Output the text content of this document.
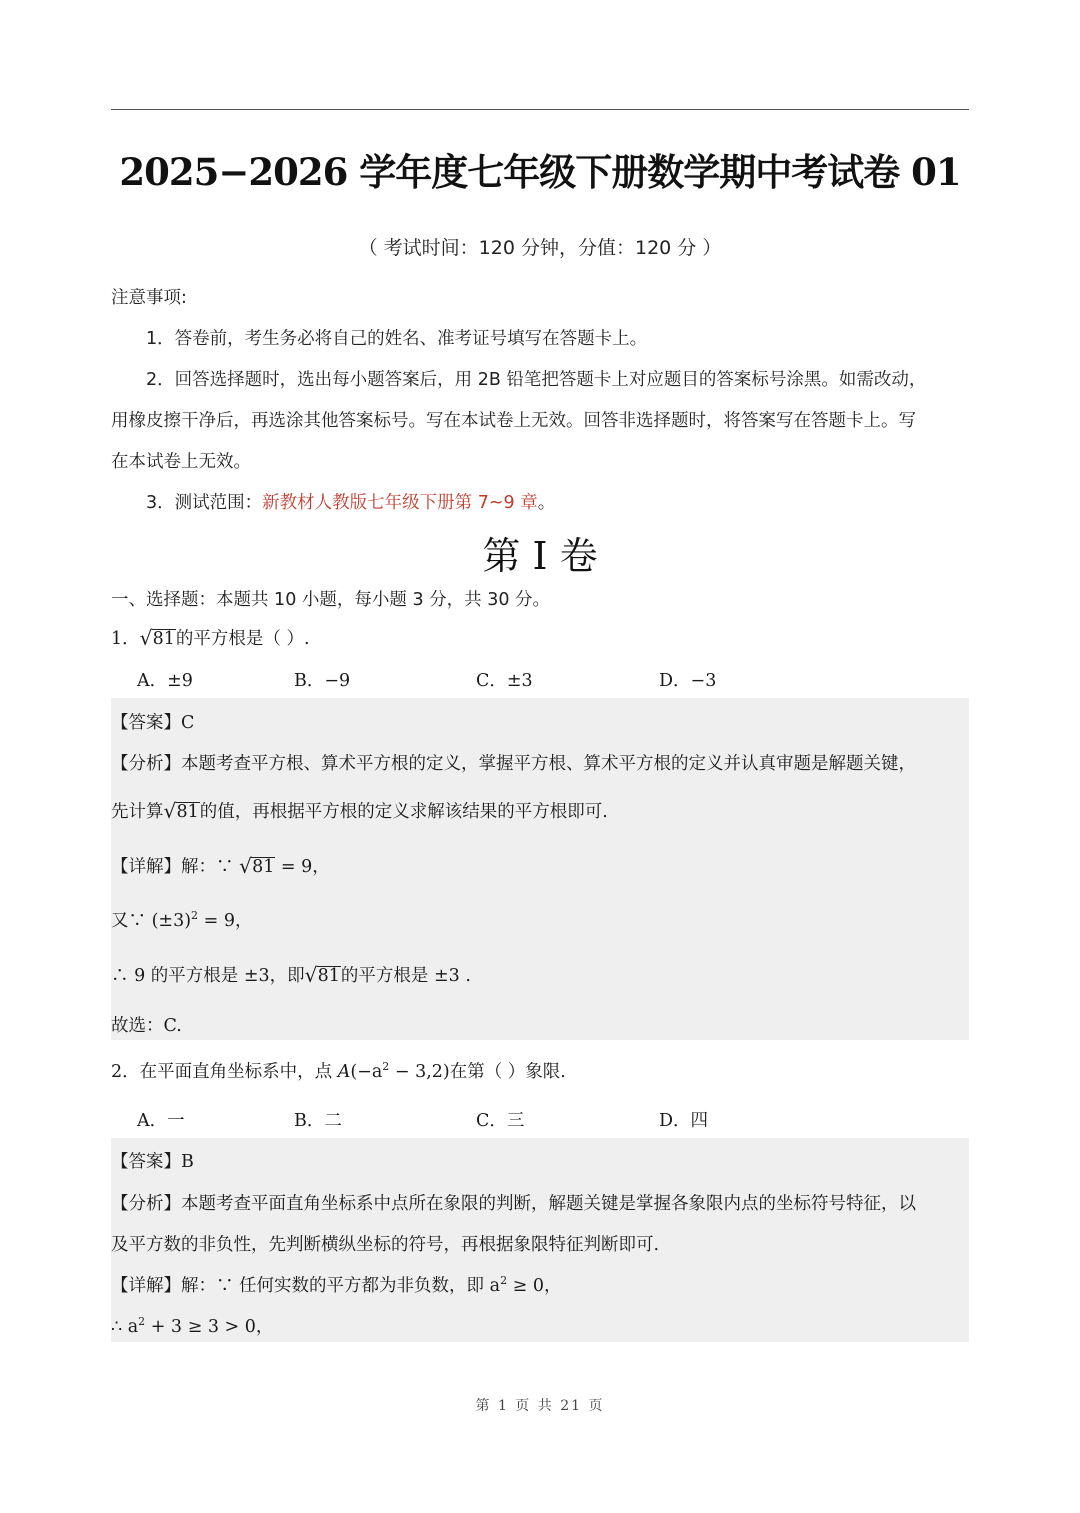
2025−2026 学年度七年级下册数学期中考试卷 01
（ 考试时间：120 分钟，分值：120 分 ）
注意事项:
1．答卷前，考生务必将自己的姓名、准考证号填写在答题卡上。
2．回答选择题时，选出每小题答案后，用 2B 铅笔把答题卡上对应题目的答案标号涂黑。如需改动，
用橡皮擦干净后，再选涂其他答案标号。写在本试卷上无效。回答非选择题时，将答案写在答题卡上。写
在本试卷上无效。
3．测试范围：新教材人教版七年级下册第 7~9 章。
第 I 卷
一、选择题：本题共 10 小题，每小题 3 分，共 30 分。
1． √ 81的平方根是（ ）.
A．±9	B．−9	C．±3	D．−3
【答案】C
【分析】本题考查平方根、算术平方根的定义，掌握平方根、算术平方根的定义并认真审题是解题关键，
先计算 √ 81的值，再根据平方根的定义求解该结果的平方根即可.
【详解】解：∵ √ 81 = 9，
又∵ $(\pm 3)^2 = 9$，
∴ 9 的平方根是 ±3，即 √ 81的平方根是 ±3 .
故选：C.
2．在平面直角坐标系中，点 $A(-a^2 - 3,2)$在第（ ）象限.
A．一	B．二	C．三	D．四
【答案】B
【分析】本题考查平面直角坐标系中点所在象限的判断，解题关键是掌握各象限内点的坐标符号特征，以
及平方数的非负性，先判断横纵坐标的符号，再根据象限特征判断即可.
【详解】解：∵ 任何实数的平方都为非负数，即 $a^2 \ge 0$，
∴ $a^2 + 3 \ge 3 > 0$，
第 1 页 共 21 页
